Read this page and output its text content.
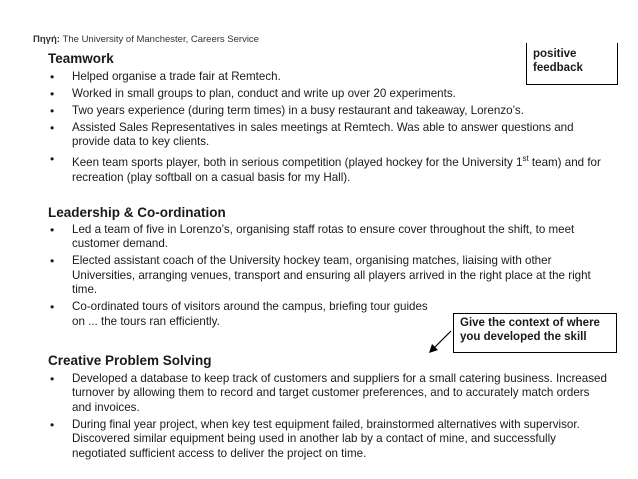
Πηγή: The University of Manchester, Careers Service
Teamwork
• Helped organise a trade fair at Remtech.
• Worked in small groups to plan, conduct and write up over 20 experiments.
• Two years experience (during term times) in a busy restaurant and takeaway, Lorenzo’s.
• Assisted Sales Representatives in sales meetings at Remtech. Was able to answer questions and provide data to key clients.
• Keen team sports player, both in serious competition (played hockey for the University 1st team) and for recreation (play softball on a casual basis for my Hall).
Leadership & Co-ordination
• Led a team of five in Lorenzo’s, organising staff rotas to ensure cover throughout the shift, to meet customer demand.
• Elected assistant coach of the University hockey team, organising matches, liaising with other Universities, arranging venues, transport and ensuring all players arrived in the right place at the right time.
• Co-ordinated tours of visitors around the campus, briefing tour guides on ... the tours ran efficiently.
Creative Problem Solving
• Developed a database to keep track of customers and suppliers for a small catering business. Increased turnover by allowing them to record and target customer preferences, and to accurately match orders and invoices.
• During final year project, when key test equipment failed, brainstormed alternatives with supervisor. Discovered similar equipment being used in another lab by a contact of mine, and successfully negotiated sufficient access to deliver the project on time.
positive feedback
Give the context of where you developed the skill
